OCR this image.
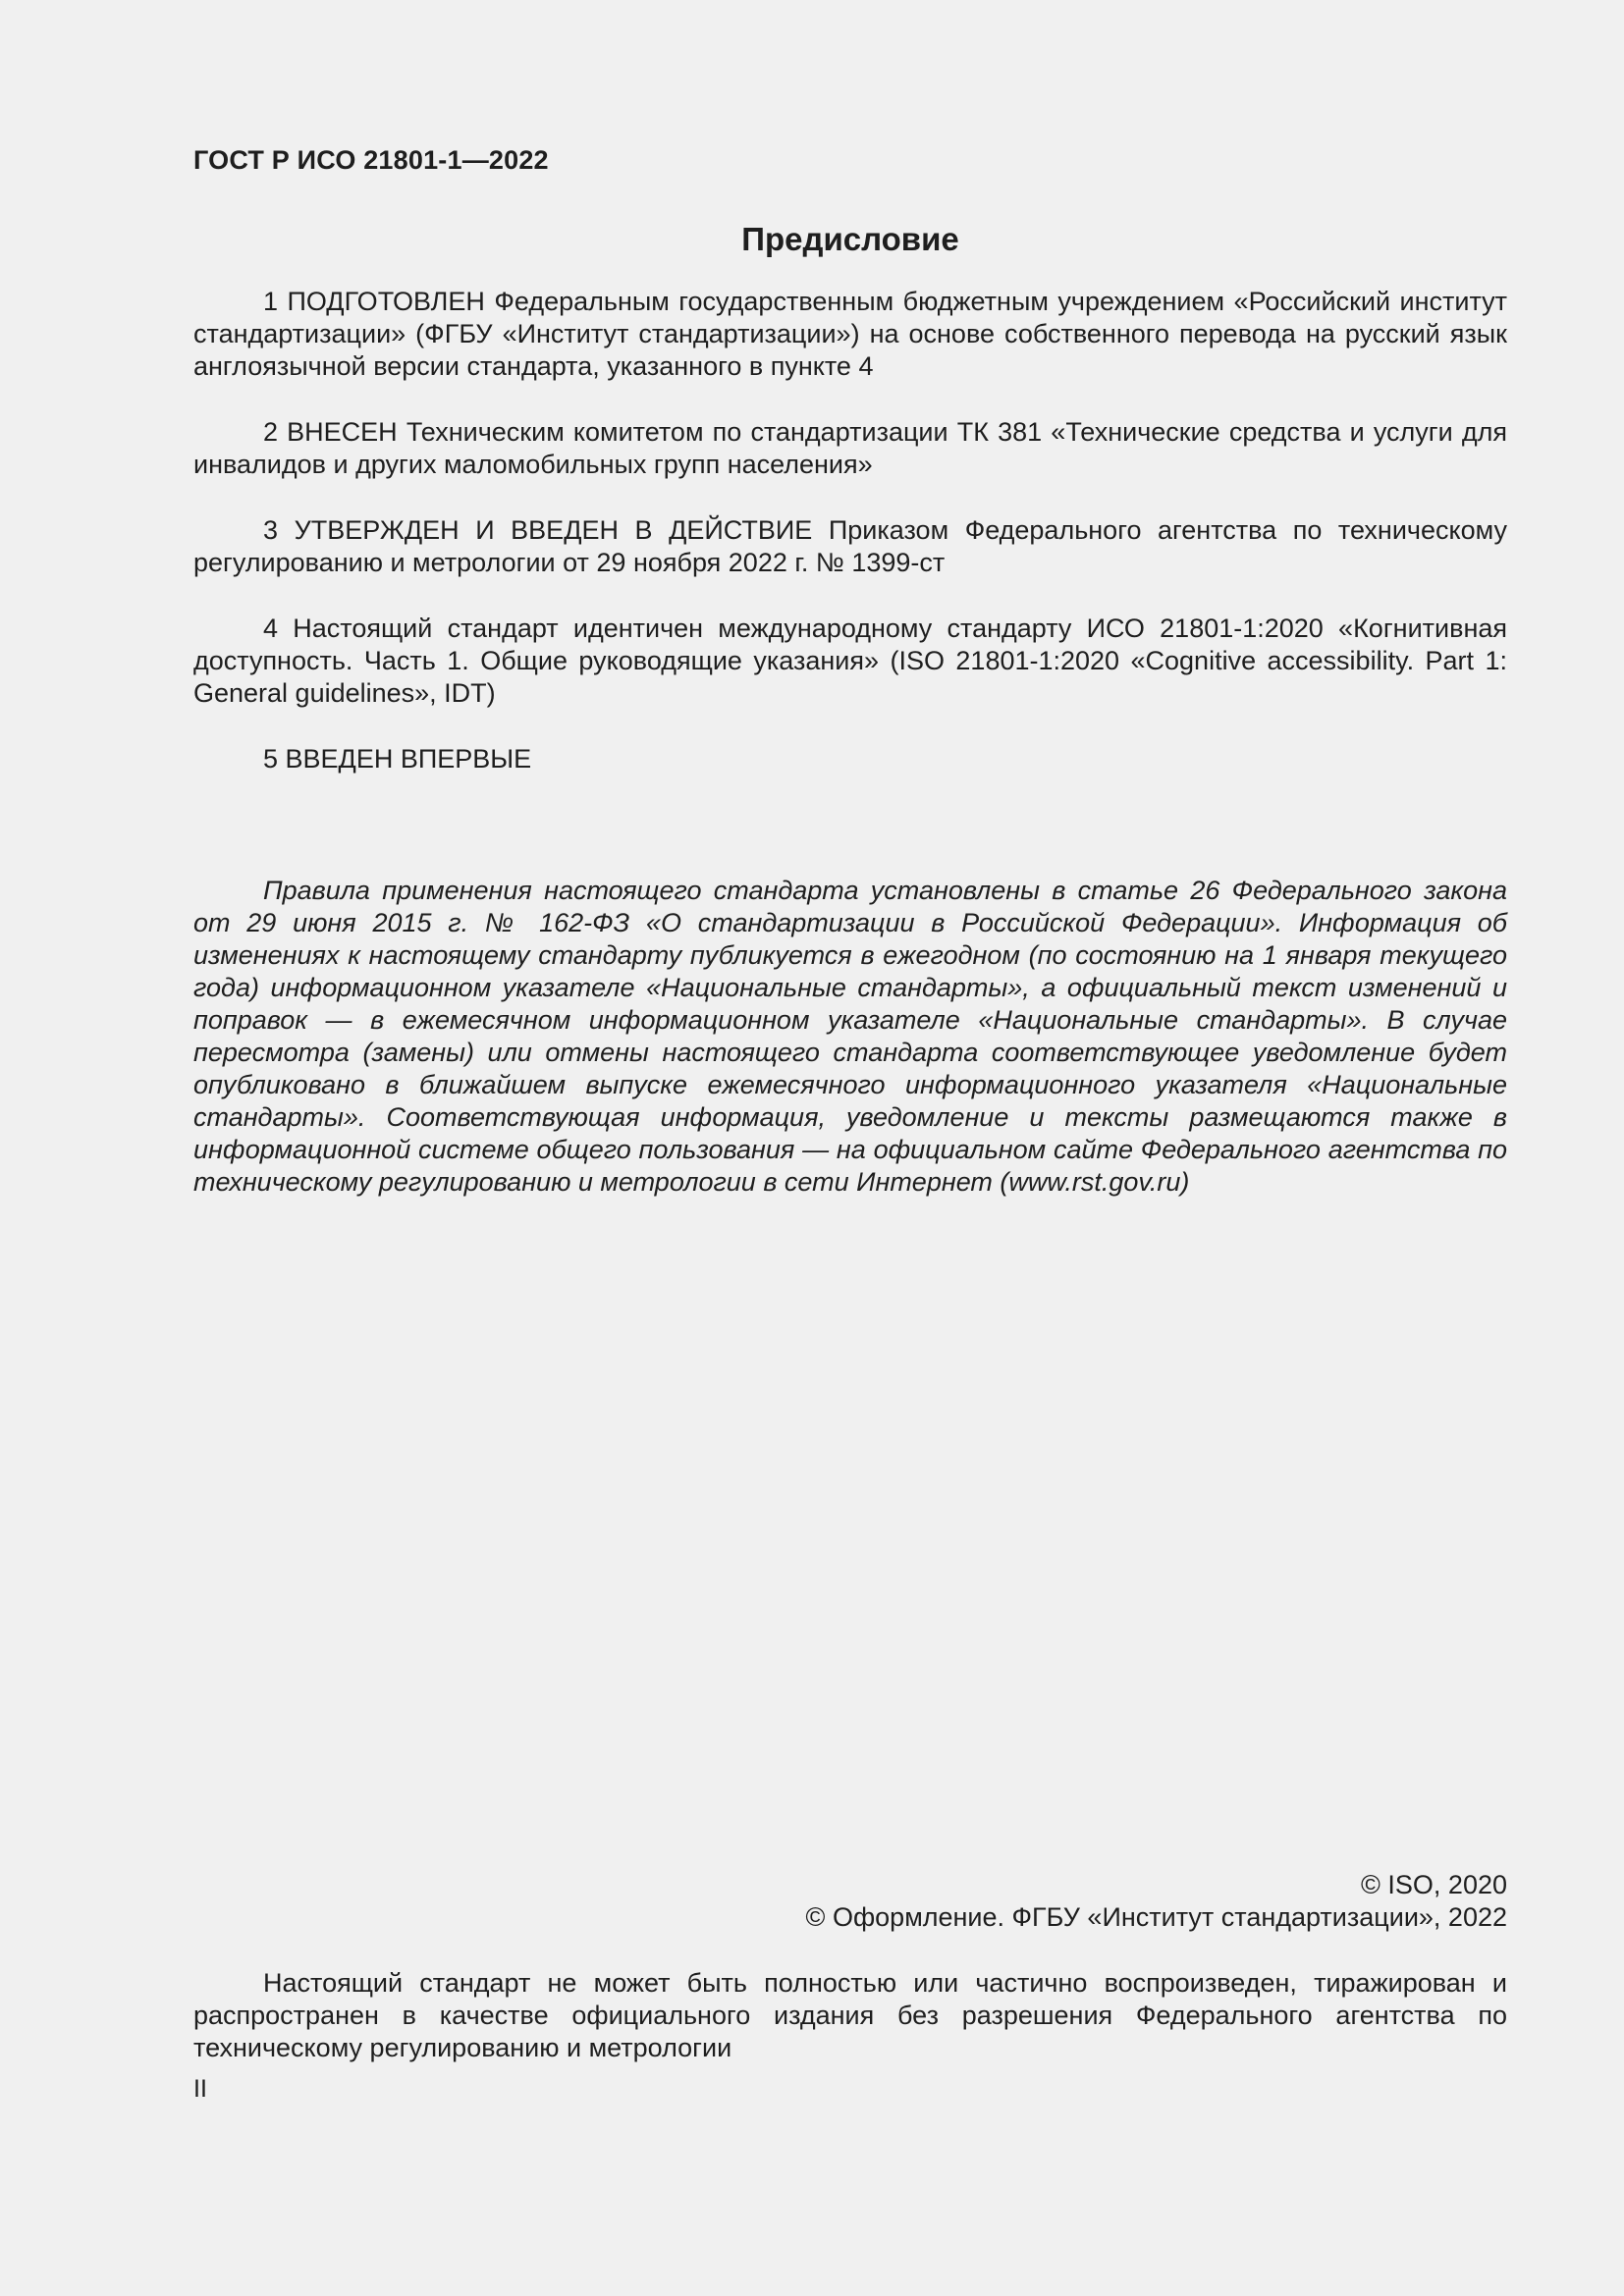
ГОСТ Р ИСО 21801-1—2022
Предисловие

1 ПОДГОТОВЛЕН Федеральным государственным бюджетным учреждением «Российский институт стандартизации» (ФГБУ «Институт стандартизации») на основе собственного перевода на русский язык англоязычной версии стандарта, указанного в пункте 4

2 ВНЕСЕН Техническим комитетом по стандартизации ТК 381 «Технические средства и услуги для инвалидов и других маломобильных групп населения»

3 УТВЕРЖДЕН И ВВЕДЕН В ДЕЙСТВИЕ Приказом Федерального агентства по техническому регулированию и метрологии от 29 ноября 2022 г. № 1399-ст

4 Настоящий стандарт идентичен международному стандарту ИСО 21801-1:2020 «Когнитивная доступность. Часть 1. Общие руководящие указания» (ISO 21801-1:2020 «Cognitive accessibility. Part 1: General guidelines», IDT)

5 ВВЕДЕН ВПЕРВЫЕ

Правила применения настоящего стандарта установлены в статье 26 Федерального закона от 29 июня 2015 г. № 162-ФЗ «О стандартизации в Российской Федерации». Информация об изменениях к настоящему стандарту публикуется в ежегодном (по состоянию на 1 января текущего года) информационном указателе «Национальные стандарты», а официальный текст изменений и поправок — в ежемесячном информационном указателе «Национальные стандарты». В случае пересмотра (замены) или отмены настоящего стандарта соответствующее уведомление будет опубликовано в ближайшем выпуске ежемесячного информационного указателя «Национальные стандарты». Соответствующая информация, уведомление и тексты размещаются также в информационной системе общего пользования — на официальном сайте Федерального агентства по техническому регулированию и метрологии в сети Интернет (www.rst.gov.ru)

© ISO, 2020
© Оформление. ФГБУ «Институт стандартизации», 2022

Настоящий стандарт не может быть полностью или частично воспроизведен, тиражирован и распространен в качестве официального издания без разрешения Федерального агентства по техническому регулированию и метрологии

II
